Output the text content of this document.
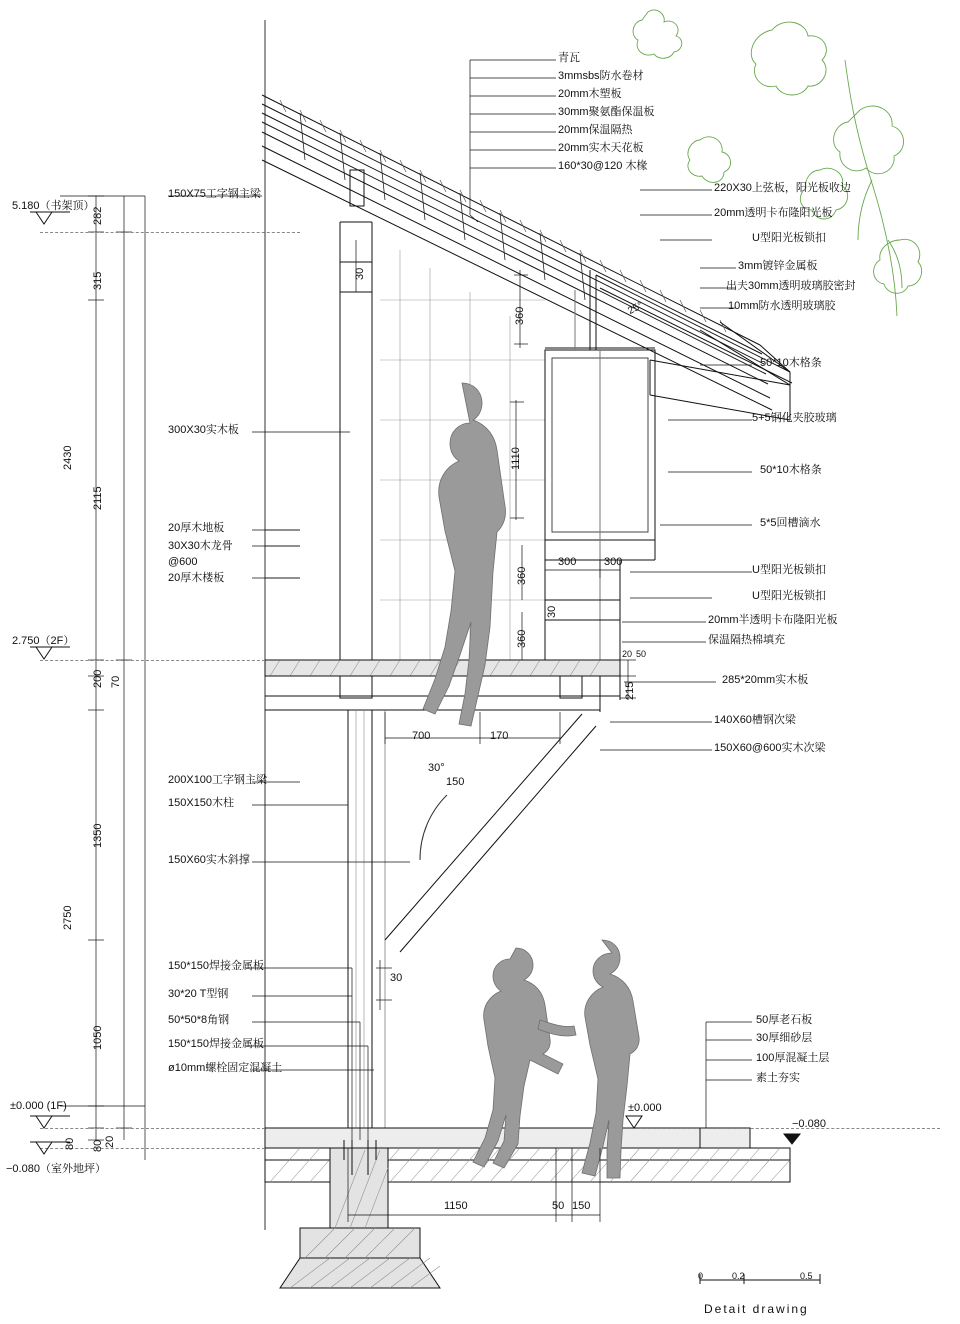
青瓦
3mmsbs防水卷材
20mm木塑板
30mm聚氨酯保温板
20mm保温隔热
20mm实木天花板
160*30@120 木椽
220X30上弦板，阳光板收边
20mm透明卡布隆阳光板
U型阳光板锁扣
3mm镀锌金属板
出夫30mm透明玻璃胶密封
10mm防水透明玻璃胶
50*10木格条
5+5钢化夹胶玻璃
50*10木格条
5*5回槽滴水
U型阳光板锁扣
U型阳光板锁扣
20mm半透明卡布隆阳光板
保温隔热棉填充
285*20mm实木板
140X60槽钢次梁
150X60@600实木次梁
50厚老石板
30厚细砂层
100厚混凝土层
素土夯实
150X75工字钢主梁
300X30实木板
20厚木地板
30X30木龙骨
@600
20厚木楼板
200X100工字钢主梁
150X150木柱
150X60实木斜撑
150*150焊接金属板
30*20 T型钢
50*50*8角钢
150*150焊接金属板
ø10mm螺栓固定混凝土
5.180（书架顶）
2.750（2F）
±0.000 (1F)
−0.080（室外地坪）
±0.000
−0.080
282
315
2115
200 70
1350
1050
80 80 20
2430
2750
30
360
1110
360
30
360
300	300
20 50
215
30
700	170
150
30°
25°
1150	50 150
0	0.2	0.5
Detait drawing
